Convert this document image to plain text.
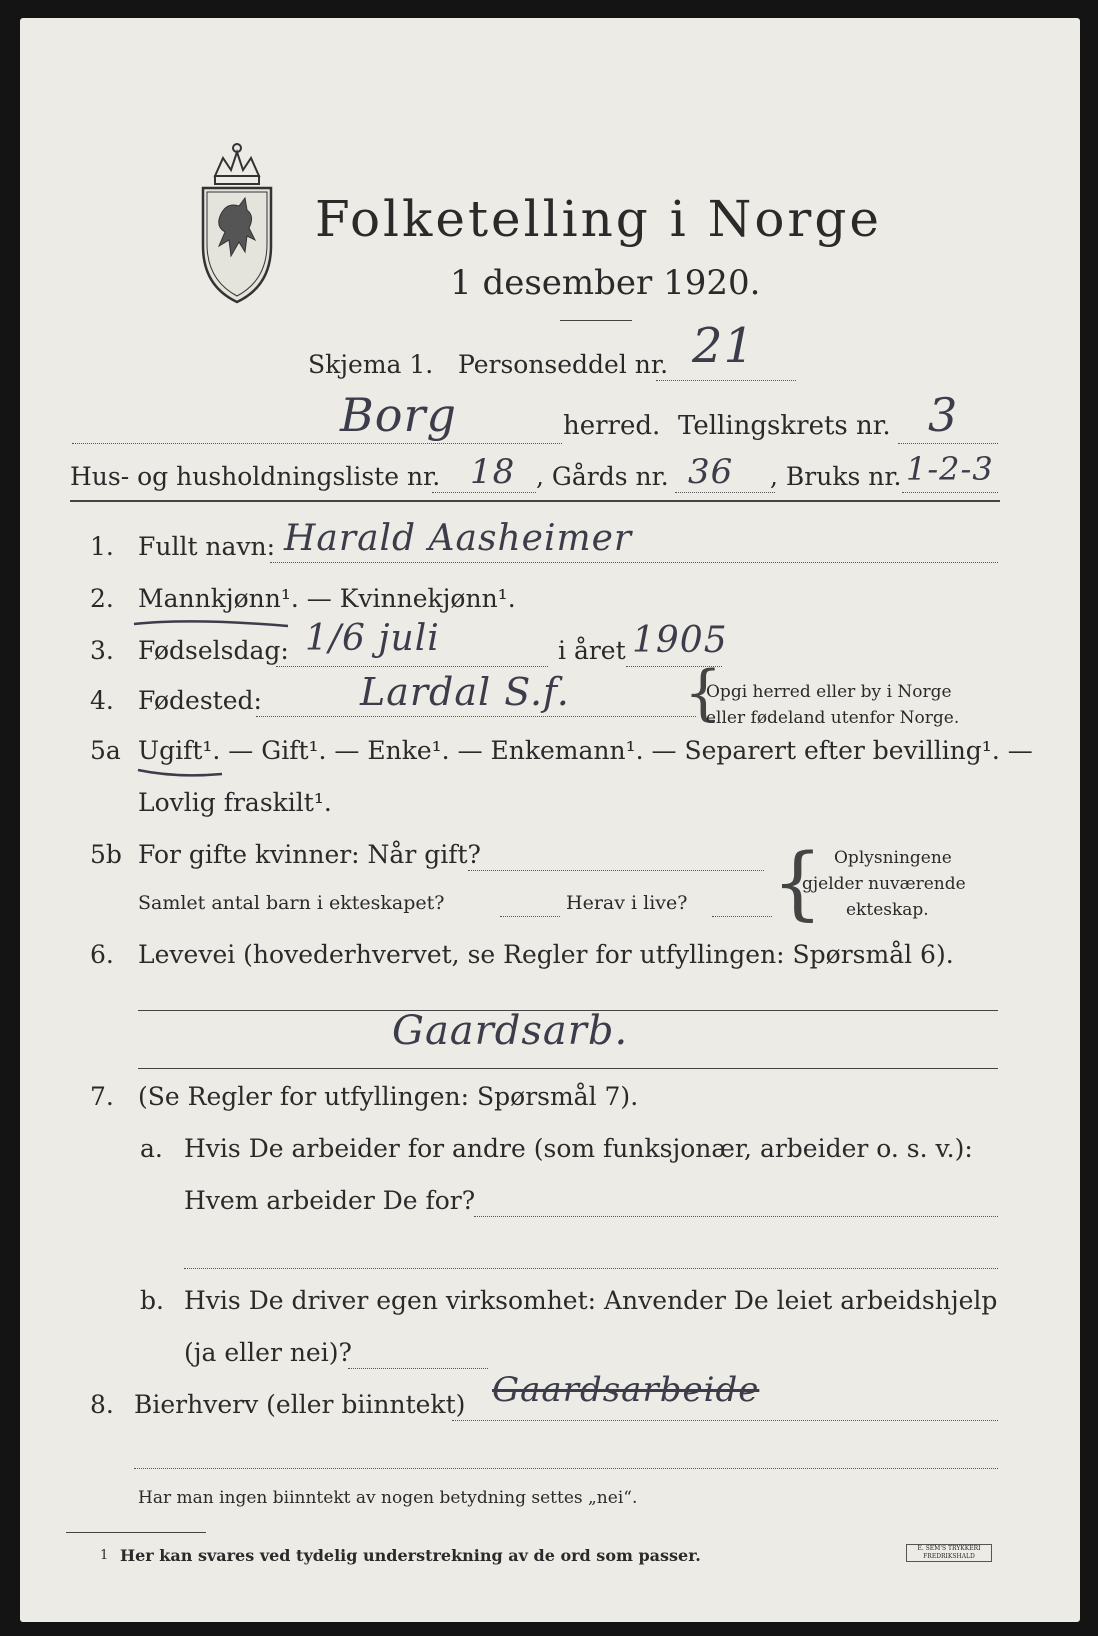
Folketelling i Norge
1 desember 1920.
Skjema 1. Personseddel nr. 21
Borg	herred. Tellingskrets nr. 3
Hus- og husholdningsliste nr. 18 , Gårds nr. 36 , Bruks nr. 1-2-3
1. Fullt navn: Harald Aasheimer
2. Mannkjønn¹. — Kvinnekjønn¹.
3. Fødselsdag: 1/6 juli	i året 1905
4. Fødested:	Lardal S.f. {
Opgi herred eller by i Norge
eller fødeland utenfor Norge.
5a Ugift¹. — Gift¹. — Enke¹. — Enkemann¹. — Separert efter bevilling¹. —
Lovlig fraskilt¹.
5b For gifte kvinner: Når gift?
Samlet antal barn i ekteskapet?	Herav i live? { Oplysningene
gjelder nuværende
ekteskap.
6. Levevei (hovederhvervet, se Regler for utfyllingen: Spørsmål 6).
Gaardsarb.
7. (Se Regler for utfyllingen: Spørsmål 7).
a. Hvis De arbeider for andre (som funksjonær, arbeider o. s. v.):
Hvem arbeider De for?
b. Hvis De driver egen virksomhet: Anvender De leiet arbeidshjelp
(ja eller nei)?
8. Bierhverv (eller biinntekt) Gaardsarbeide
Har man ingen biinntekt av nogen betydning settes „nei“.
1 Her kan svares ved tydelig understrekning av de ord som passer.	E. SEM'S TRYKKERI FREDRIKSHALD
